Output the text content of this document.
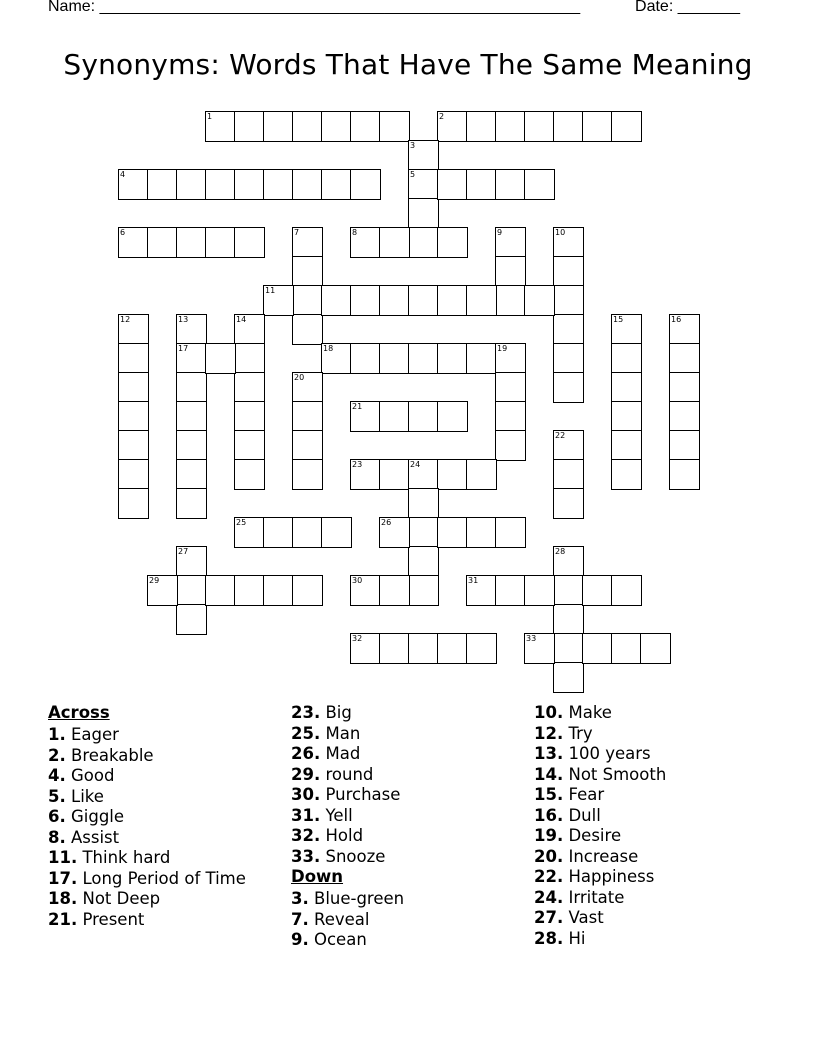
Name: ______________________________________________________	Date: _______
Synonyms: Words That Have The Same Meaning
1	2
3
4	5
6	7	8	9	10
11
12	13	14	15	16
17	18	19
20
21
22
23	24
25	26
27	28
29	30	31
32	33
Across
1. Eager
2. Breakable
4. Good
5. Like
6. Giggle
8. Assist
11. Think hard
17. Long Period of Time
18. Not Deep
21. Present
23. Big
25. Man
26. Mad
29. round
30. Purchase
31. Yell
32. Hold
33. Snooze
Down
3. Blue-green
7. Reveal
9. Ocean
10. Make
12. Try
13. 100 years
14. Not Smooth
15. Fear
16. Dull
19. Desire
20. Increase
22. Happiness
24. Irritate
27. Vast
28. Hi
